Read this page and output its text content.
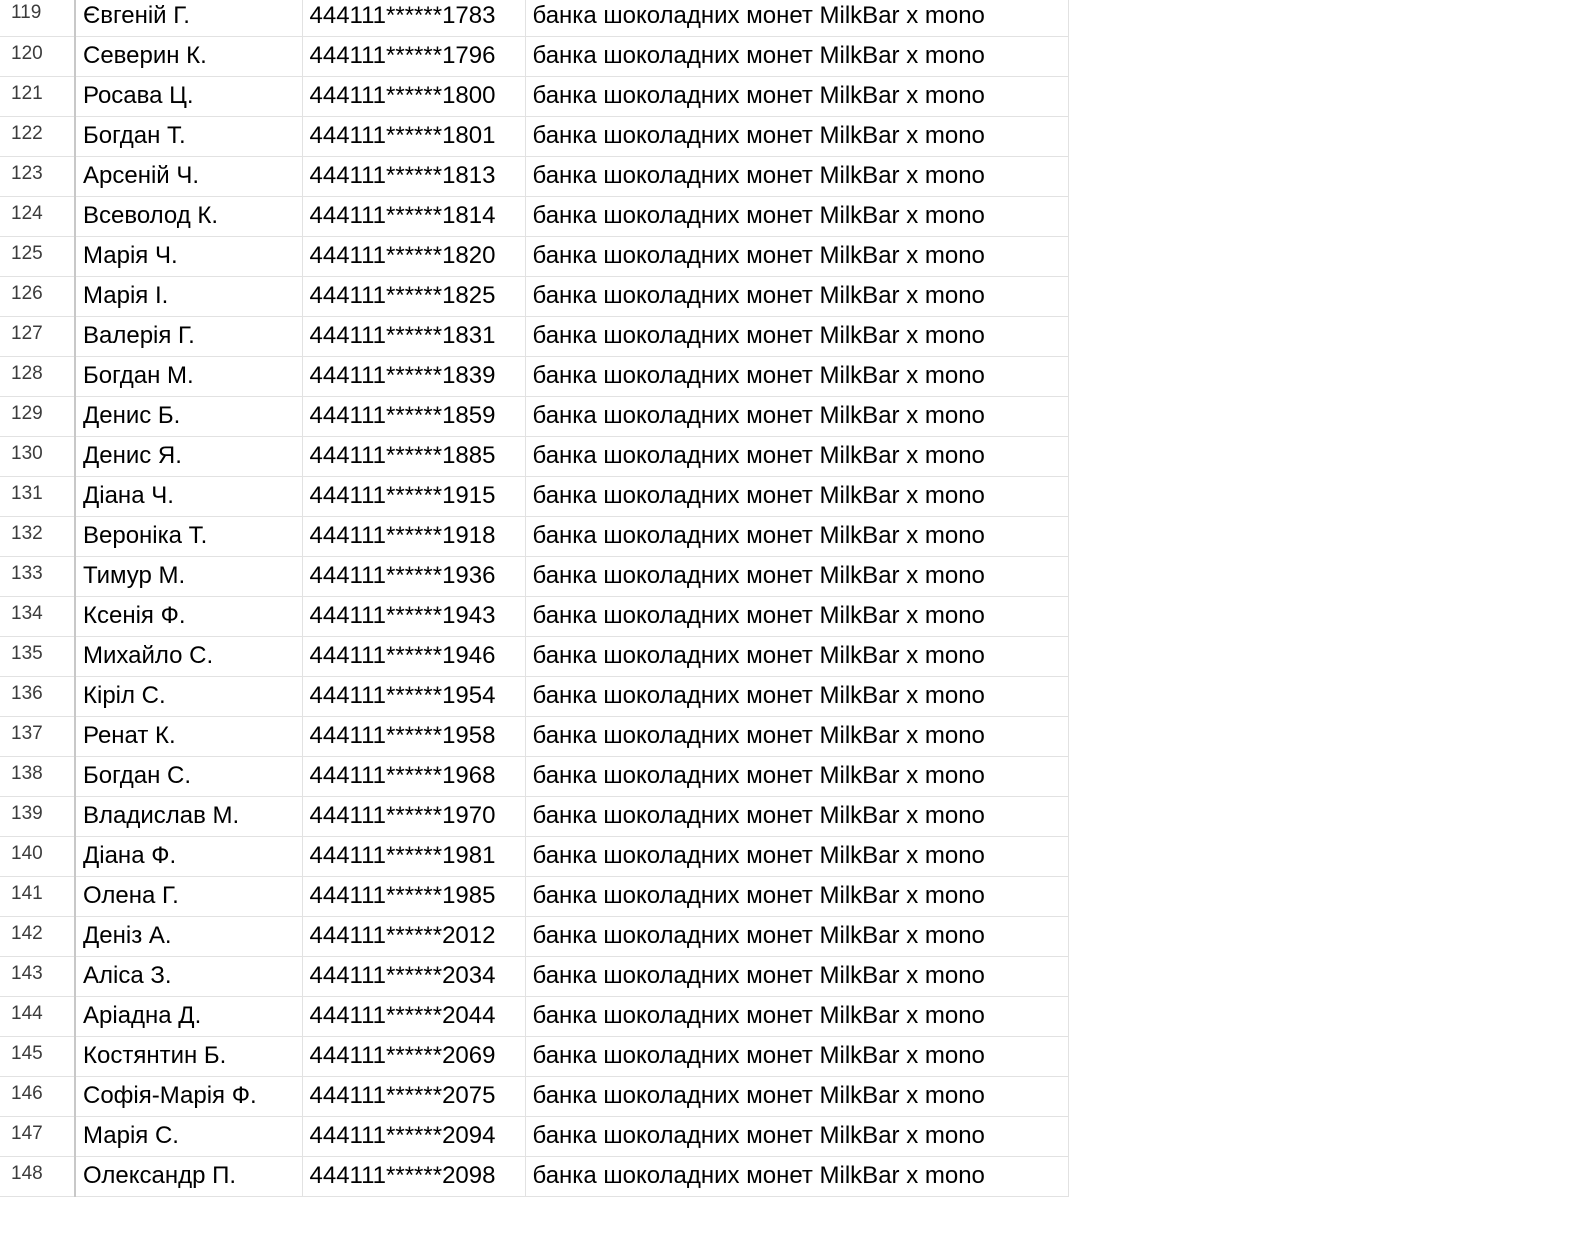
119	Євгеній Г.	444111******1783	банка шоколадних монет MilkBar x mono
120	Северин К.	444111******1796	банка шоколадних монет MilkBar x mono
121	Росава Ц.	444111******1800	банка шоколадних монет MilkBar x mono
122	Богдан Т.	444111******1801	банка шоколадних монет MilkBar x mono
123	Арсеній Ч.	444111******1813	банка шоколадних монет MilkBar x mono
124	Всеволод К.	444111******1814	банка шоколадних монет MilkBar x mono
125	Марія Ч.	444111******1820	банка шоколадних монет MilkBar x mono
126	Марія І.	444111******1825	банка шоколадних монет MilkBar x mono
127	Валерія Г.	444111******1831	банка шоколадних монет MilkBar x mono
128	Богдан М.	444111******1839	банка шоколадних монет MilkBar x mono
129	Денис Б.	444111******1859	банка шоколадних монет MilkBar x mono
130	Денис Я.	444111******1885	банка шоколадних монет MilkBar x mono
131	Діана Ч.	444111******1915	банка шоколадних монет MilkBar x mono
132	Вероніка Т.	444111******1918	банка шоколадних монет MilkBar x mono
133	Тимур М.	444111******1936	банка шоколадних монет MilkBar x mono
134	Ксенія Ф.	444111******1943	банка шоколадних монет MilkBar x mono
135	Михайло С.	444111******1946	банка шоколадних монет MilkBar x mono
136	Кіріл С.	444111******1954	банка шоколадних монет MilkBar x mono
137	Ренат К.	444111******1958	банка шоколадних монет MilkBar x mono
138	Богдан С.	444111******1968	банка шоколадних монет MilkBar x mono
139	Владислав М.	444111******1970	банка шоколадних монет MilkBar x mono
140	Діана Ф.	444111******1981	банка шоколадних монет MilkBar x mono
141	Олена Г.	444111******1985	банка шоколадних монет MilkBar x mono
142	Деніз А.	444111******2012	банка шоколадних монет MilkBar x mono
143	Аліса З.	444111******2034	банка шоколадних монет MilkBar x mono
144	Аріадна Д.	444111******2044	банка шоколадних монет MilkBar x mono
145	Костянтин Б.	444111******2069	банка шоколадних монет MilkBar x mono
146	Софія-Марія Ф.	444111******2075	банка шоколадних монет MilkBar x mono
147	Марія С.	444111******2094	банка шоколадних монет MilkBar x mono
148	Олександр П.	444111******2098	банка шоколадних монет MilkBar x mono
